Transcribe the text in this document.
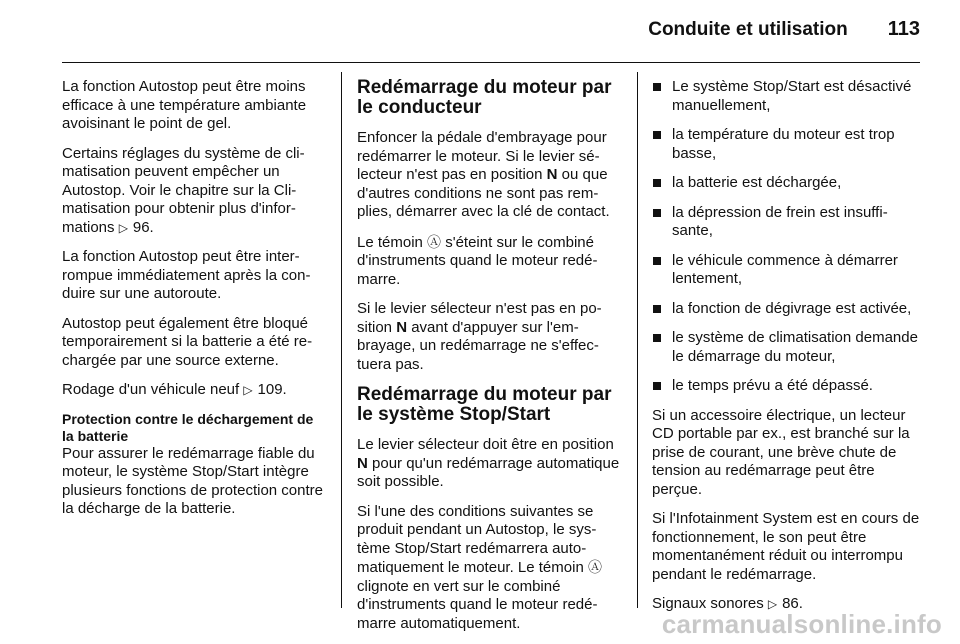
Conduite et utilisation 113

La fonction Autostop peut être moins efficace à une température ambiante avoisinant le point de gel.

Certains réglages du système de climatisation peuvent empêcher un Autostop. Voir le chapitre sur la Climatisation pour obtenir plus d'informations ▷ 96.

La fonction Autostop peut être interrompue immédiatement après la conduire sur une autoroute.

Autostop peut également être bloqué temporairement si la batterie a été rechargée par une source externe.

Rodage d'un véhicule neuf ▷ 109.

Protection contre le déchargement de la batterie

Pour assurer le redémarrage fiable du moteur, le système Stop/Start intègre plusieurs fonctions de protection contre la décharge de la batterie.

Redémarrage du moteur par le conducteur

Enfoncer la pédale d'embrayage pour redémarrer le moteur. Si le levier sélecteur n'est pas en position N ou que d'autres conditions ne sont pas remplies, démarrer avec la clé de contact.

Le témoin Ⓐ s'éteint sur le combiné d'instruments quand le moteur redémarre.

Si le levier sélecteur n'est pas en position N avant d'appuyer sur l'embrayage, un redémarrage ne s'effectuera pas.

Redémarrage du moteur par le système Stop/Start

Le levier sélecteur doit être en position N pour qu'un redémarrage automatique soit possible.

Si l'une des conditions suivantes se produit pendant un Autostop, le système Stop/Start redémarrera automatiquement le moteur. Le témoin Ⓐ clignote en vert sur le combiné d'instruments quand le moteur redémarre automatiquement.

Le système Stop/Start est désactivé manuellement,
la température du moteur est trop basse,
la batterie est déchargée,
la dépression de frein est insuffisante,
le véhicule commence à démarrer lentement,
la fonction de dégivrage est activée,
le système de climatisation demande le démarrage du moteur,
le temps prévu a été dépassé.

Si un accessoire électrique, un lecteur CD portable par ex., est branché sur la prise de courant, une brève chute de tension au redémarrage peut être perçue.

Si l'Infotainment System est en cours de fonctionnement, le son peut être momentanément réduit ou interrompu pendant le redémarrage.

Signaux sonores ▷ 86.

carmanualsonline.info
